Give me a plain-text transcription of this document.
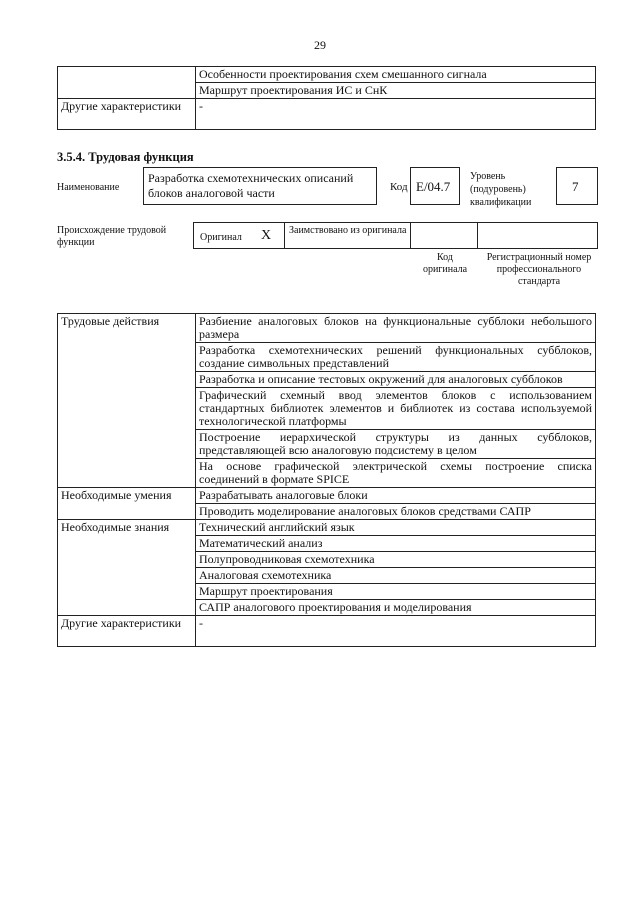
29
	Особенности проектирования схем смешанного сигнала
	Маршрут проектирования ИС и СнК
Другие характеристики	-
3.5.4. Трудовая функция
Наименование
Разработка схемотехнических описаний блоков аналоговой части	Код E/04.7
Уровень (подуровень) квалификации
7
Происхождение трудовой функции	Оригинал X Заимствовано из оригинала
Код оригинала
Регистрационный номер профессионального стандарта
Трудовые действия	Разбиение аналоговых блоков на функциональные субблоки небольшого размера
	Разработка схемотехнических решений функциональных субблоков, создание символьных представлений
	Разработка и описание тестовых окружений для аналоговых субблоков
	Графический схемный ввод элементов блоков с использованием стандартных библиотек элементов и библиотек из состава используемой технологической платформы
	Построение иерархической структуры из данных субблоков, представляющей всю аналоговую подсистему в целом
	На основе графической электрической схемы построение списка соединений в формате SPICE
Необходимые умения	Разрабатывать аналоговые блоки
	Проводить моделирование аналоговых блоков средствами САПР
Необходимые знания	Технический английский язык
	Математический анализ
	Полупроводниковая схемотехника
	Аналоговая схемотехника
	Маршрут проектирования
	САПР аналогового проектирования и моделирования
Другие характеристики	-
